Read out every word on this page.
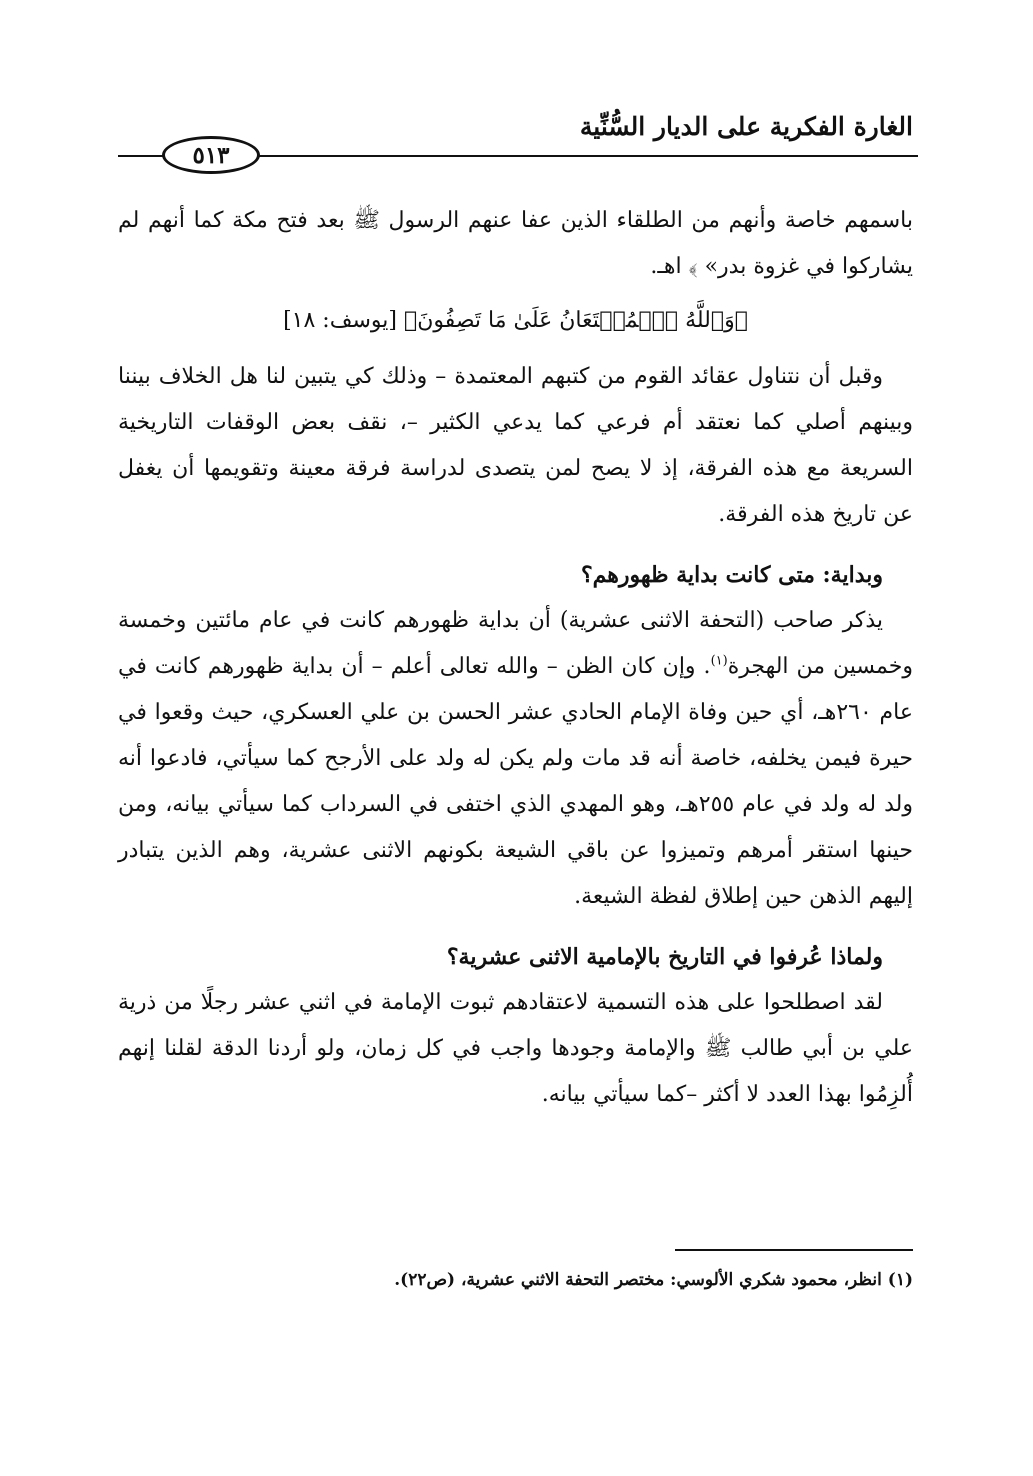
الغارة الفكرية على الديار السُّنِّية
٥١٣

باسمهم خاصة وأنهم من الطلقاء الذين عفا عنهم الرسول ﷺ بعد فتح مكة كما أنهم لم يشاركوا في غزوة بدر» ﴾ اهـ.

﴿وَٱللَّهُ ٱلۡمُسۡتَعَانُ عَلَىٰ مَا تَصِفُونَ﴾ [يوسف: ١٨]

وقبل أن نتناول عقائد القوم من كتبهم المعتمدة – وذلك كي يتبين لنا هل الخلاف بيننا وبينهم أصلي كما نعتقد أم فرعي كما يدعي الكثير –، نقف بعض الوقفات التاريخية السريعة مع هذه الفرقة، إذ لا يصح لمن يتصدى لدراسة فرقة معينة وتقويمها أن يغفل عن تاريخ هذه الفرقة.

وبداية: متى كانت بداية ظهورهم؟

يذكر صاحب (التحفة الاثنى عشرية) أن بداية ظهورهم كانت في عام مائتين وخمسة وخمسين من الهجرة$^{(١)}$. وإن كان الظن – والله تعالى أعلم – أن بداية ظهورهم كانت في عام ٢٦٠هـ، أي حين وفاة الإمام الحادي عشر الحسن بن علي العسكري، حيث وقعوا في حيرة فيمن يخلفه، خاصة أنه قد مات ولم يكن له ولد على الأرجح كما سيأتي، فادعوا أنه ولد له ولد في عام ٢٥٥هـ، وهو المهدي الذي اختفى في السرداب كما سيأتي بيانه، ومن حينها استقر أمرهم وتميزوا عن باقي الشيعة بكونهم الاثنى عشرية، وهم الذين يتبادر إليهم الذهن حين إطلاق لفظة الشيعة.

ولماذا عُرفوا في التاريخ بالإمامية الاثنى عشرية؟

لقد اصطلحوا على هذه التسمية لاعتقادهم ثبوت الإمامة في اثني عشر رجلًا من ذرية علي بن أبي طالب ﷺ والإمامة وجودها واجب في كل زمان، ولو أردنا الدقة لقلنا إنهم أُلزِمُوا بهذا العدد لا أكثر –كما سيأتي بيانه.

(١) انظر، محمود شكري الألوسي: مختصر التحفة الاثني عشرية، (ص٢٢).
